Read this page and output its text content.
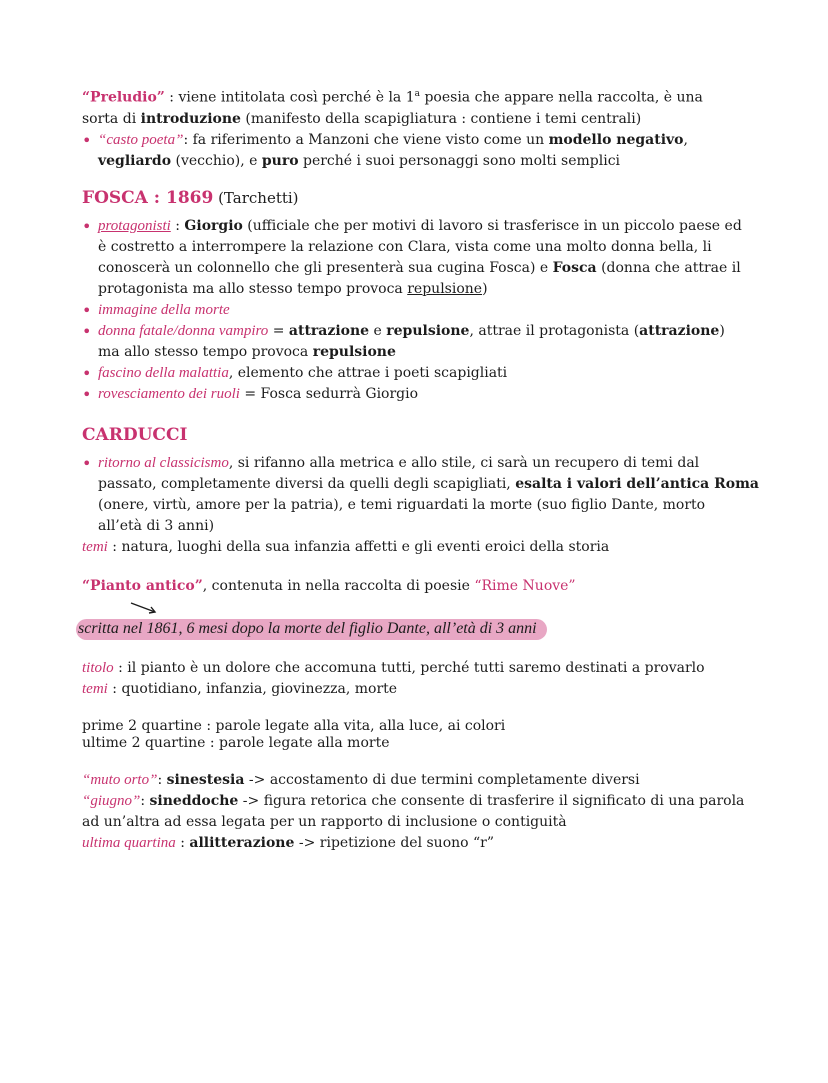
“Preludio” : viene intitolata così perché è la 1$^a$ poesia che appare nella raccolta, è una
sorta di introduzione (manifesto della scapigliatura : contiene i temi centrali)
• “casto poeta”: fa riferimento a Manzoni che viene visto come un modello negativo,
vegliardo (vecchio), e puro perché i suoi personaggi sono molti semplici
FOSCA : 1869 (Tarchetti)
• protagonisti : Giorgio (ufficiale che per motivi di lavoro si trasferisce in un piccolo paese ed
è costretto a interrompere la relazione con Clara, vista come una molto donna bella, li
conoscerà un colonnello che gli presenterà sua cugina Fosca) e Fosca (donna che attrae il
protagonista ma allo stesso tempo provoca repulsione)
• immagine della morte
• donna fatale/donna vampiro = attrazione e repulsione, attrae il protagonista (attrazione)
ma allo stesso tempo provoca repulsione
• fascino della malattia, elemento che attrae i poeti scapigliati
• rovesciamento dei ruoli = Fosca sedurrà Giorgio
CARDUCCI
• ritorno al classicismo, si rifanno alla metrica e allo stile, ci sarà un recupero di temi dal
passato, completamente diversi da quelli degli scapigliati, esalta i valori dell’antica Roma
(onere, virtù, amore per la patria), e temi riguardati la morte (suo figlio Dante, morto
all’età di 3 anni)
temi : natura, luoghi della sua infanzia affetti e gli eventi eroici della storia
“Pianto antico”, contenuta in nella raccolta di poesie “Rime Nuove”
scritta nel 1861, 6 mesi dopo la morte del figlio Dante, all’età di 3 anni
titolo : il pianto è un dolore che accomuna tutti, perché tutti saremo destinati a provarlo
temi : quotidiano, infanzia, giovinezza, morte
prime 2 quartine : parole legate alla vita, alla luce, ai colori
ultime 2 quartine : parole legate alla morte
“muto orto”: sinestesia -> accostamento di due termini completamente diversi
“giugno”: sineddoche -> figura retorica che consente di trasferire il significato di una parola
ad un’altra ad essa legata per un rapporto di inclusione o contiguità
ultima quartina : allitterazione -> ripetizione del suono “r”
